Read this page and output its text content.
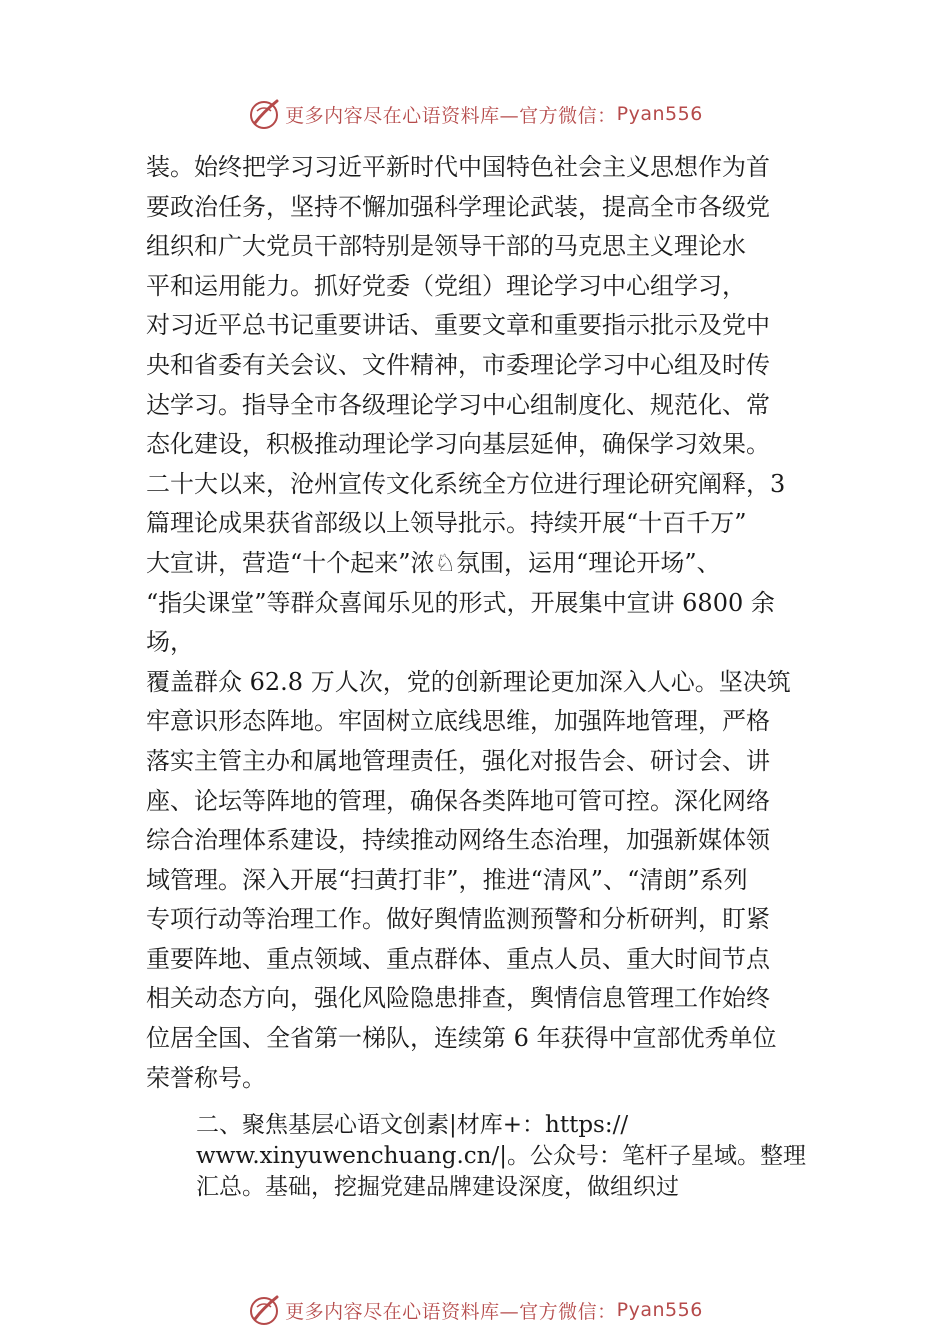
更多内容尽在心语资料库—官方微信： Pyan556
装。始终把学习习近平新时代中国特色社会主义思想作为首
要政治任务，坚持不懈加强科学理论武装，提高全市各级党
组织和广大党员干部特别是领导干部的马克思主义理论水
平和运用能力。抓好党委（党组）理论学习中心组学习，
对习近平总书记重要讲话、重要文章和重要指示批示及党中
央和省委有关会议、文件精神，市委理论学习中心组及时传
达学习。指导全市各级理论学习中心组制度化、规范化、常
态化建设，积极推动理论学习向基层延伸，确保学习效果。
二十大以来，沧州宣传文化系统全方位进行理论研究阐释，3
篇理论成果获省部级以上领导批示。持续开展“十百千万”
大宣讲，营造“十个起来”浓♘氛围，运用“理论开场”、
“指尖课堂”等群众喜闻乐见的形式，开展集中宣讲 6800 余
场，
覆盖群众 62.8 万人次，党的创新理论更加深入人心。坚决筑
牢意识形态阵地。牢固树立底线思维，加强阵地管理，严格
落实主管主办和属地管理责任，强化对报告会、研讨会、讲
座、论坛等阵地的管理，确保各类阵地可管可控。深化网络
综合治理体系建设，持续推动网络生态治理，加强新媒体领
域管理。深入开展“扫黄打非”，推进“清风”、“清朗”系列
专项行动等治理工作。做好舆情监测预警和分析研判，盯紧
重要阵地、重点领域、重点群体、重点人员、重大时间节点
相关动态方向，强化风险隐患排查，舆情信息管理工作始终
位居全国、全省第一梯队，连续第 6 年获得中宣部优秀单位
荣誉称号。
二、聚焦基层心语文创素|材库+：https://
www.xinyuwenchuang.cn/|。公众号：笔杆子星域。整理
汇总。基础，挖掘党建品牌建设深度，做组织过
更多内容尽在心语资料库—官方微信： Pyan556
